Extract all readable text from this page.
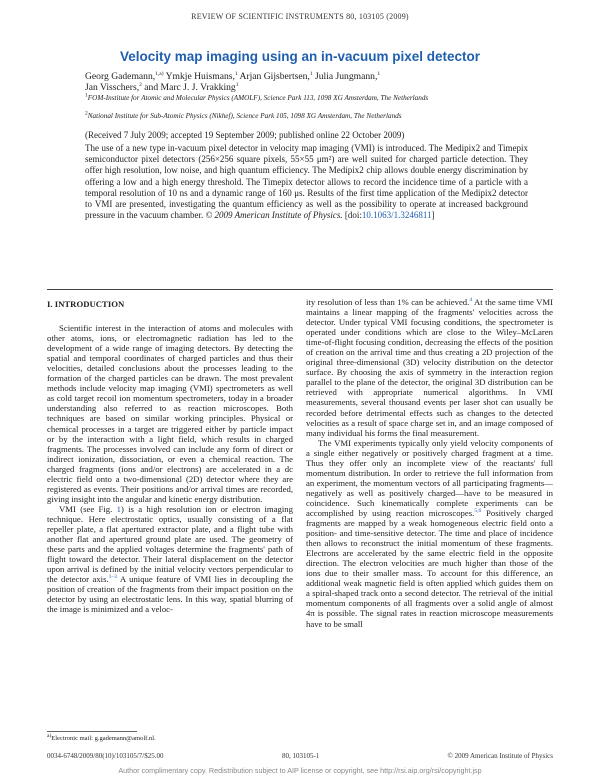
REVIEW OF SCIENTIFIC INSTRUMENTS 80, 103105 (2009)
Velocity map imaging using an in-vacuum pixel detector
Georg Gademann,$^{1,a)}$ Ymkje Huismans,$^1$ Arjan Gijsbertsen,$^1$ Julia Jungmann,$^1$
Jan Visschers,$^2$ and Marc J. J. Vrakking$^1$
$^1$FOM-Institute for Atomic and Molecular Physics (AMOLF), Science Park 113, 1098 XG Amsterdam, The Netherlands
$^2$National Institute for Sub-Atomic Physics (Nikhef), Science Park 105, 1098 XG Amsterdam, The Netherlands
(Received 7 July 2009; accepted 19 September 2009; published online 22 October 2009)
The use of a new type in-vacuum pixel detector in velocity map imaging (VMI) is introduced. The Medipix2 and Timepix semiconductor pixel detectors (256×256 square pixels, 55×55 μm²) are well suited for charged particle detection. They offer high resolution, low noise, and high quantum efficiency. The Medipix2 chip allows double energy discrimination by offering a low and a high energy threshold. The Timepix detector allows to record the incidence time of a particle with a temporal resolution of 10 ns and a dynamic range of 160 μs. Results of the first time application of the Medipix2 detector to VMI are presented, investigating the quantum efficiency as well as the possibility to operate at increased background pressure in the vacuum chamber. © 2009 American Institute of Physics. [doi:10.1063/1.3246811]
I. INTRODUCTION

Scientific interest in the interaction of atoms and molecules with other atoms, ions, or electromagnetic radiation has led to the development of a wide range of imaging detectors. By detecting the spatial and temporal coordinates of charged particles and thus their velocities, detailed conclusions about the processes leading to the formation of the charged particles can be drawn. The most prevalent methods include velocity map imaging (VMI) spectrometers as well as cold target recoil ion momentum spectrometers, today in a broader understanding also referred to as reaction microscopes. Both techniques are based on similar working principles. Physical or chemical processes in a target are triggered either by particle impact or by the interaction with a light field, which results in charged fragments. The processes involved can include any form of direct or indirect ionization, dissociation, or even a chemical reaction. The charged fragments (ions and/or electrons) are accelerated in a dc electric field onto a two-dimensional (2D) detector where they are registered as events. Their positions and/or arrival times are recorded, giving insight into the angular and kinetic energy distribution.

VMI (see Fig. 1) is a high resolution ion or electron imaging technique. Here electrostatic optics, usually consisting of a flat repeller plate, a flat apertured extractor plate, and a flight tube with another flat and apertured ground plate are used. The geometry of these parts and the applied voltages determine the fragments' path of flight toward the detector. Their lateral displacement on the detector upon arrival is defined by the initial velocity vectors perpendicular to the detector axis.$^{1-3}$ A unique feature of VMI lies in decoupling the position of creation of the fragments from their impact position on the detector by using an electrostatic lens. In this way, spatial blurring of the image is minimized and a veloc-

ity resolution of less than 1% can be achieved.$^4$ At the same time VMI maintains a linear mapping of the fragments' velocities across the detector. Under typical VMI focusing conditions, the spectrometer is operated under conditions which are close to the Wiley–McLaren time-of-flight focusing condition, decreasing the effects of the position of creation on the arrival time and thus creating a 2D projection of the original three-dimensional (3D) velocity distribution on the detector surface. By choosing the axis of symmetry in the interaction region parallel to the plane of the detector, the original 3D distribution can be retrieved with appropriate numerical algorithms. In VMI measurements, several thousand events per laser shot can usually be recorded before detrimental effects such as changes to the detected velocities as a result of space charge set in, and an image composed of many individual his forms the final measurement.

The VMI experiments typically only yield velocity components of a single either negatively or positively charged fragment at a time. Thus they offer only an incomplete view of the reactants' full momentum distribution. In order to retrieve the full information from an experiment, the momentum vectors of all participating fragments—negatively as well as positively charged—have to be measured in coincidence. Such kinematically complete experiments can be accomplished by using reaction microscopes.$^{5,6}$ Positively charged fragments are mapped by a weak homogeneous electric field onto a position- and time-sensitive detector. The time and place of incidence then allows to reconstruct the initial momentum of these fragments. Electrons are accelerated by the same electric field in the opposite direction. The electron velocities are much higher than those of the ions due to their smaller mass. To account for this difference, an additional weak magnetic field is often applied which guides them on a spiral-shaped track onto a second detector. The retrieval of the initial momentum components of all fragments over a solid angle of almost 4π is possible. The signal rates in reaction microscope measurements have to be small

$^{a)}$Electronic mail: g.gademann@amolf.nl.
0034-6748/2009/80(10)/103105/7/$25.00	80, 103105-1	© 2009 American Institute of Physics
Author complimentary copy. Redistribution subject to AIP license or copyright, see http://rsi.aip.org/rsi/copyright.jsp
